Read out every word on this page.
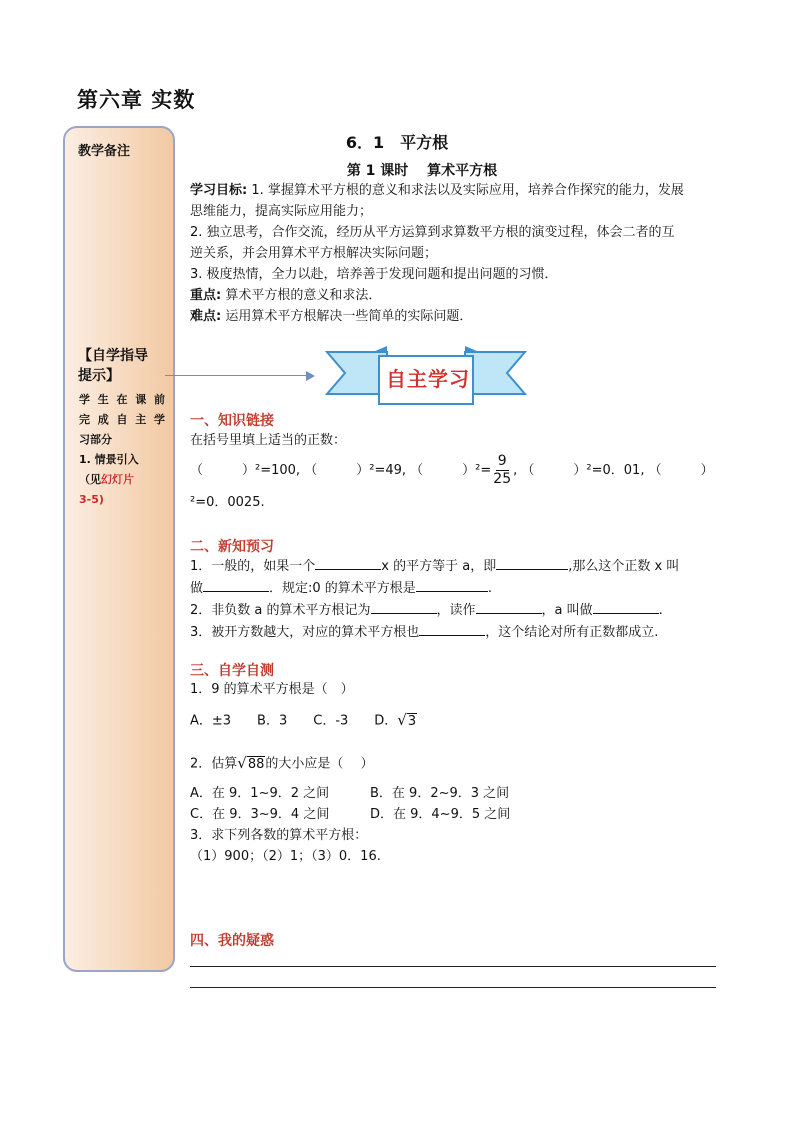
第六章 实数
教学备注
【自学指导
提示】
学生在课前
完成自主学
习部分
1. 情景引入
（见幻灯片
3-5)
6．1　平方根
第 1 课时　 算术平方根
学习目标: 1. 掌握算术平方根的意义和求法以及实际应用，培养合作探究的能力，发展
思维能力，提高实际应用能力；
2. 独立思考，合作交流，经历从平方运算到求算数平方根的演变过程，体会二者的互
逆关系，并会用算术平方根解决实际问题；
3. 极度热情，全力以赴，培养善于发现问题和提出问题的习惯．
重点: 算术平方根的意义和求法．
难点: 运用算术平方根解决一些简单的实际问题．
自主学习
一、知识链接
在括号里填上适当的正数：
（　　　）²=100, （　　　）²=49, （　　　）$^2= \frac{9}{25}$ , （　　　）²=0．01, （　　　）
²=0．0025.
二、新知预习
1．一般的，如果一个	x 的平方等于 a，即	,那么这个正数 x 叫
做	．规定:0 的算术平方根是	.
2．非负数 a 的算术平方根记为	，读作	，a 叫做	.
3．被开方数越大，对应的算术平方根也	，这个结论对所有正数都成立.
三、自学自测
1．9 的算术平方根是（　）
A．±3　　B．3　　C．-3　　D．√3
2．估算√88的大小应是（　 ）
A．在 9．1~9．2 之间	B．在 9．2~9．3 之间
C．在 9．3~9．4 之间	D．在 9．4~9．5 之间
3．求下列各数的算术平方根：
（1）900；（2）1；（3）0．16.
四、我的疑惑
